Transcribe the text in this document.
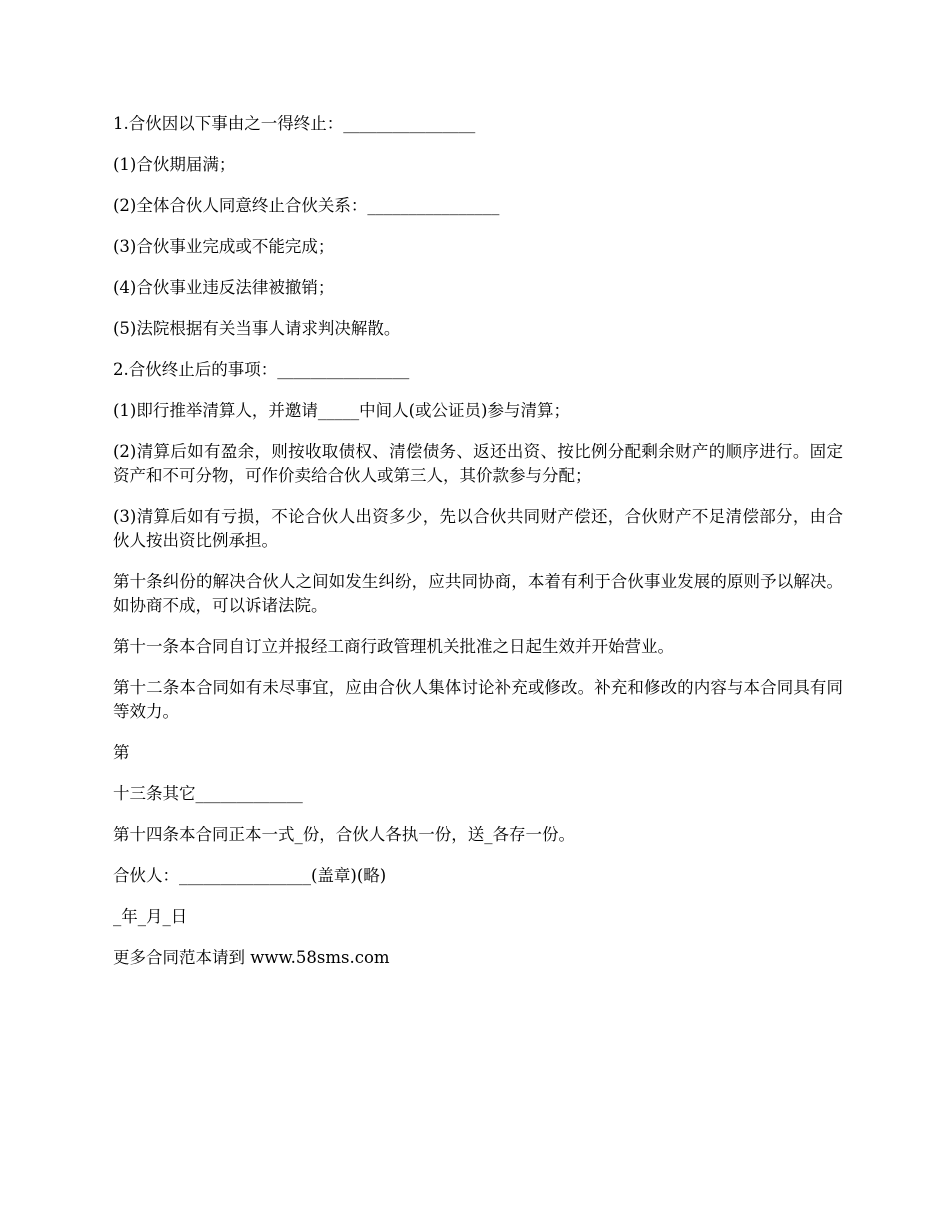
1.合伙因以下事由之一得终止：________________

(1)合伙期届满；

(2)全体合伙人同意终止合伙关系：________________

(3)合伙事业完成或不能完成；

(4)合伙事业违反法律被撤销；

(5)法院根据有关当事人请求判决解散。

2.合伙终止后的事项：________________

(1)即行推举清算人，并邀请_____中间人(或公证员)参与清算；

(2)清算后如有盈余，则按收取债权、清偿债务、返还出资、按比例分配剩余财产的顺序进行。固定资产和不可分物，可作价卖给合伙人或第三人，其价款参与分配；

(3)清算后如有亏损，不论合伙人出资多少，先以合伙共同财产偿还，合伙财产不足清偿部分，由合伙人按出资比例承担。

第十条纠份的解决合伙人之间如发生纠纷，应共同协商，本着有利于合伙事业发展的原则予以解决。如协商不成，可以诉诸法院。

第十一条本合同自订立并报经工商行政管理机关批准之日起生效并开始营业。

第十二条本合同如有未尽事宜，应由合伙人集体讨论补充或修改。补充和修改的内容与本合同具有同等效力。

第

十三条其它_____________

第十四条本合同正本一式_份，合伙人各执一份，送_各存一份。

合伙人：________________(盖章)(略)

_年_月_日

更多合同范本请到 www.58sms.com
